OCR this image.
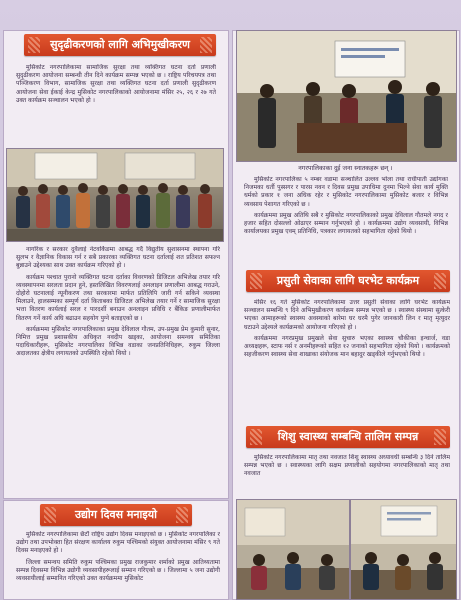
सुदृढीकरणको लागि अभिमुखीकरण

मुसिकोट नगरपालिकामा सामाजिक सुरक्षा तथा व्यक्तिगत घटना दर्ता प्रणाली सुदृढीकरण आयोजना सम्बन्धी तीन दिने कार्यक्रम सम्पन्न भएको छ । राष्ट्रिय परिचयपत्र तथा पञ्जिकरण विभाग, सामाजिक सुरक्षा तथा व्यक्तिगत घटना दर्ता प्रणाली सुदृढीकरण आयोजना सेवा ईकाई केन्द्र मुसिकोट नगरपालिकाको आयोजनामा मंसिर २५, २६ र २७ गते उक्त कार्यक्रम सञ्चालन भएको हो ।

नागरिक र सरकार दुवैलाई नेटवर्किङमा आबद्ध गर्दै विद्युतीय सुशासनमा स्थापना गरि सुलभ र वैज्ञानिक विकास गर्न र सबै प्रकारका व्यक्तिगत घटना दर्तालाई शत प्रतिशत सफल्न बुन्नाउने उद्देश्यका साथ उक्त कार्यक्रम गरिएको हो ।

कार्यक्रम पश्चात पुरानो व्यक्तिगत घटना दर्ताका विवरणको डिजिटल अभिलेख तयार गरि व्यवस्थापनमा सरलता प्रदान हुने, हस्तलिखित विवरणलाई अनलाइन प्रणालीमा आबद्ध गराउने, दोहोरो घटनालाई न्यूनीकरण तथा सरकारमा मार्फत प्रतिलिपि जारी गर्न सकिने व्यवस्था मिलाउने, हालसम्मका सम्पूर्ण दर्ता किताबका डिजिटल अभिलेख तयार गर्ने र सामाजिक सुरक्षा भत्ता वितरण कार्यलाई सरल र पारदर्शी बनाउन अनलाइन प्रविधि र बैंकिङ प्रणालीमार्फत वितरण गर्ने कार्य अघि बढाउन सहयोग पुग्ने बताइएको छ ।

कार्यक्रममा मुसिकोट नगरपालिकाका प्रमुख देविलाल गौतम, उप-प्रमुख प्रेम कुमारी सुनार, निमित्त प्रमुख प्रशासकीय अधिकृत नवदीप खड्का, आयोजना समन्वय समितिका पदाधिकारीहरू, मुसिकोट नगरपालिका विभिन्न वडाका जनप्रतिनिधिहरू, रुकुम जिल्ला अदालतका क्षेत्रीय लगायतको उपस्थिति रहेको थियो ।

उद्योग दिवस मनाइयो

मुसिकोट नगरपालिकामा छैटौं राष्ट्रिय उद्योग दिवस मनाइएको छ । मुसिकोट नगरपालिका र उद्योग तथा उपभोक्ता हित संरक्षण कार्यालय रुकुम पश्चिमको संयुक्त आयोजनामा मंसिर ९ गते दिवस मनाइएको हो ।

जिल्ला समन्वय समिति रुकुम पश्चिमका प्रमुख राजकुमार शर्माको प्रमुख आतिथ्यतामा सम्पन्न दिवसमा विभिन्न उद्योगी व्यवसायीहरूलाई सम्मान गरिएको छ । जिल्लामा ५ जना उद्योगी व्यवसायीलाई सम्मानित गरिएको उक्त कार्यक्रममा मुसिकोट

नगरपालिकाका दुई जना स्नातकहरू छन् ।

मुसिकोट नगरपालिका ५ नम्बर वडामा सञ्चालित उल्लव भोला तथा राधीपाती उद्योगका निजमका धर्ती पुस्सगर र पारस नवन र दिवस प्रमुख उपाधिमा दुनमा भिल्ने सेवा कार्य मुक्ति धर्मको प्रकार १ जना अधिक रहेर र मुसिकोट नगरपालिकामा मुसिकोट बजार र विभिन्न व्यवसाय पेशागत गरिएको छ ।

कार्यक्रममा प्रमुख अतिथि सबै र मुसिकोट नगरपालिकाको प्रमुख देविलाल गौतमले नगद र हजार सहित दोसल्लो ओढाएर सम्मान गर्नुभएको हो । कार्यक्रममा उद्योग व्यवसायी, विभिन्न कार्यालयका प्रमुख एवम् प्रतिनिधि, पत्रकार लगायतको सहभागिता रहेको थियो ।

प्रसुती सेवाका लागि घरभेट कार्यक्रम

मंसिर १६ गते मुसिकोट नगरपालिकामा उत्तर प्रसुती सेवाका लागि घरभेट कार्यक्रम सञ्चालन सम्बन्धि ९ दिने अभिमुखीकरण कार्यक्रम सम्पन्न भएको छ । स्वास्थ्य संस्थामा सुत्केरी भएका आमाहरूको स्वास्थ्य अवस्थाको बारेमा घर घरमै पुगेर जानकारी लिन र मातृ मृत्युदर घटाउने उद्देश्यले कार्यक्रमको आयोजना गरिएको हो ।

कार्यक्रममा नगरप्रमुख प्रमुखले सेवा सुचारु भएका स्वास्थ्य चौकीका इन्चार्ज, वडा अध्यक्षहरू, स्टाफ नर्स र अनमीहरूको सहित १२ जनाको सहभागिता रहेको थियो । कार्यक्रमको सहजीकरण स्वास्थ्य सेवा शाखाका संयोजक मान बहादुर खड्कीले गर्नुभएको थियो ।

शिशु स्वास्थ्य सम्बन्धि तालिम सम्पन्न

मुसिकोट नगरपालिकामा मातृ तथा नवजात शिशु स्वास्थ्य अध्यावधी सम्बन्धि ३ दिने तालिम सम्पन्न भएको छ । स्वास्थ्यका लागि सक्षम प्रणालीको सहयोगमा नगरपालिकाको मातृ तथा नवजात
